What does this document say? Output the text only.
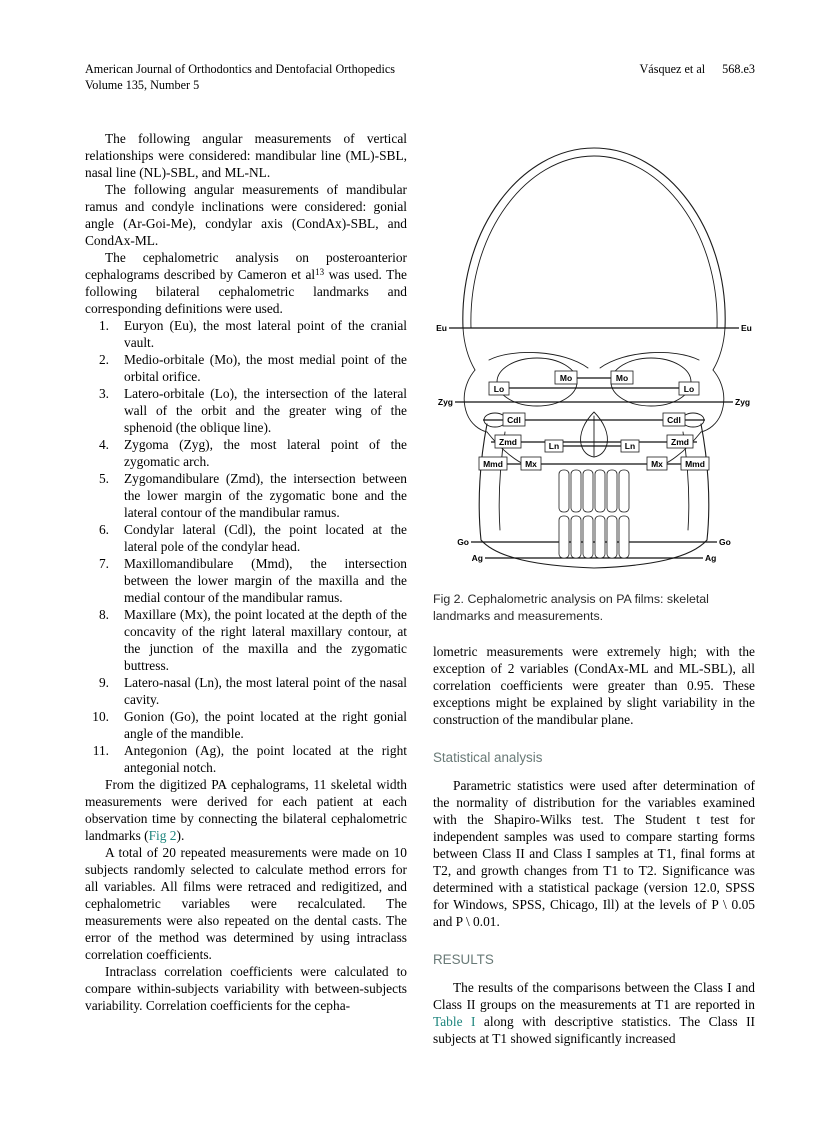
American Journal of Orthodontics and Dentofacial Orthopedics
Volume 135, Number 5
Vásquez et al 568.e3

The following angular measurements of vertical relationships were considered: mandibular line (ML)-SBL, nasal line (NL)-SBL, and ML-NL.

The following angular measurements of mandibular ramus and condyle inclinations were considered: gonial angle (Ar-Goi-Me), condylar axis (CondAx)-SBL, and CondAx-ML.

The cephalometric analysis on posteroanterior cephalograms described by Cameron et $al^{13}$ was used. The following bilateral cephalometric landmarks and corresponding definitions were used.

1. Euryon (Eu), the most lateral point of the cranial vault.
2. Medio-orbitale (Mo), the most medial point of the orbital orifice.
3. Latero-orbitale (Lo), the intersection of the lateral wall of the orbit and the greater wing of the sphenoid (the oblique line).
4. Zygoma (Zyg), the most lateral point of the zygomatic arch.
5. Zygomandibulare (Zmd), the intersection between the lower margin of the zygomatic bone and the lateral contour of the mandibular ramus.
6. Condylar lateral (Cdl), the point located at the lateral pole of the condylar head.
7. Maxillomandibulare (Mmd), the intersection between the lower margin of the maxilla and the medial contour of the mandibular ramus.
8. Maxillare (Mx), the point located at the depth of the concavity of the right lateral maxillary contour, at the junction of the maxilla and the zygomatic buttress.
9. Latero-nasal (Ln), the most lateral point of the nasal cavity.
10. Gonion (Go), the point located at the right gonial angle of the mandible.
11. Antegonion (Ag), the point located at the right antegonial notch.

From the digitized PA cephalograms, 11 skeletal width measurements were derived for each patient at each observation time by connecting the bilateral cephalometric landmarks (Fig 2).

A total of 20 repeated measurements were made on 10 subjects randomly selected to calculate method errors for all variables. All films were retraced and redigitized, and cephalometric variables were recalculated. The measurements were also repeated on the dental casts. The error of the method was determined by using intraclass correlation coefficients.

Intraclass correlation coefficients were calculated to compare within-subjects variability with between-subjects variability. Correlation coefficients for the cepha-

Mo	Mo
Lo	Lo
Cdl	Cdl
Zmd	Zmd
Ln	Ln
Mmd	Mx	Mx	Mmd
Eu	Eu
Zyg	Zyg
Go	Go
Ag	Ag
Fig 2. Cephalometric analysis on PA films: skeletal landmarks and measurements.

lometric measurements were extremely high; with the exception of 2 variables (CondAx-ML and ML-SBL), all correlation coefficients were greater than 0.95. These exceptions might be explained by slight variability in the construction of the mandibular plane.

Statistical analysis

Parametric statistics were used after determination of the normality of distribution for the variables examined with the Shapiro-Wilks test. The Student t test for independent samples was used to compare starting forms between Class II and Class I samples at T1, final forms at T2, and growth changes from T1 to T2. Significance was determined with a statistical package (version 12.0, SPSS for Windows, SPSS, Chicago, Ill) at the levels of P \ 0.05 and P \ 0.01.

RESULTS

The results of the comparisons between the Class I and Class II groups on the measurements at T1 are reported in Table I along with descriptive statistics. The Class II subjects at T1 showed significantly increased
